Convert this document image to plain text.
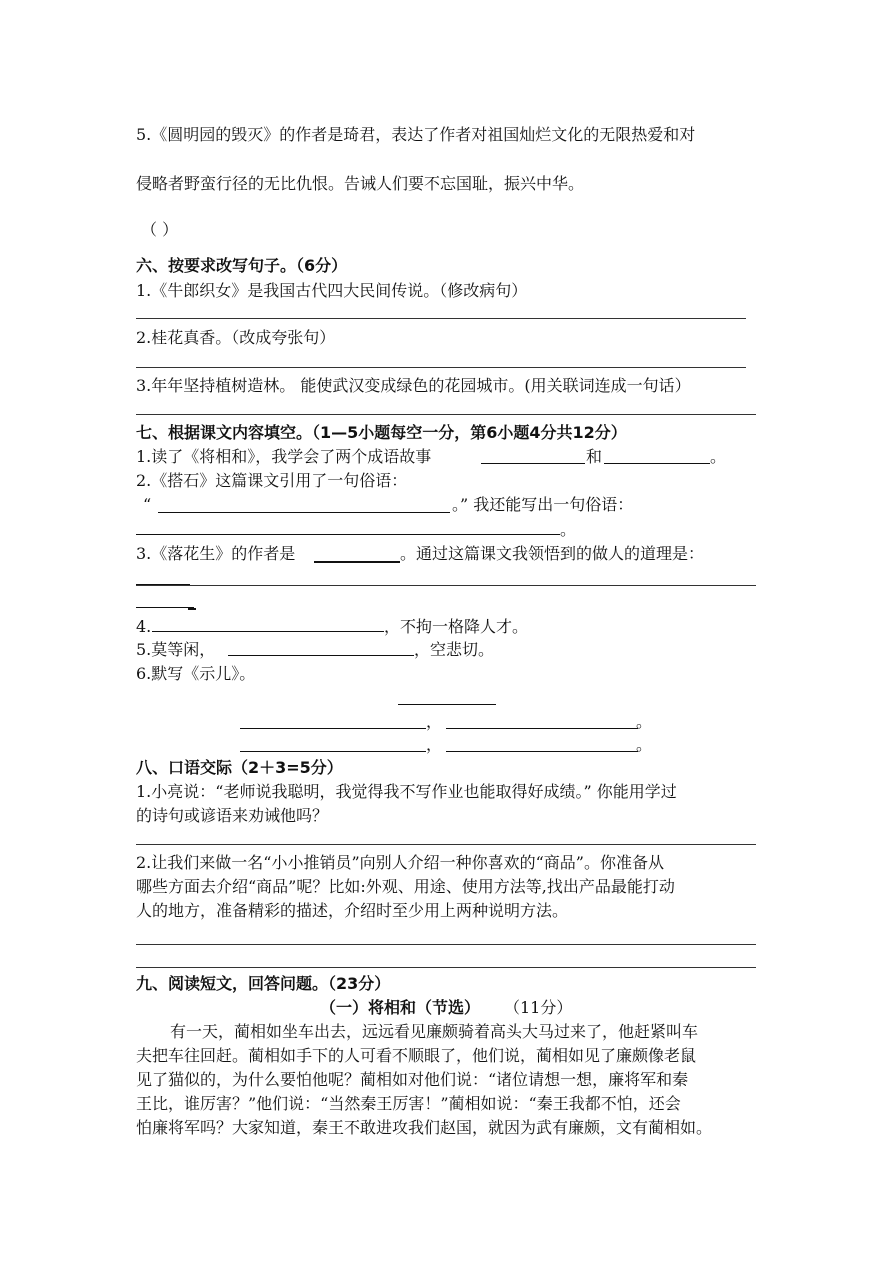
5.《圆明园的毁灭》的作者是琦君，表达了作者对祖国灿烂文化的无限热爱和对
侵略者野蛮行径的无比仇恨。告诫人们要不忘国耻，振兴中华。
（ ）
六、按要求改写句子。（6分）
1.《牛郎织女》是我国古代四大民间传说。（修改病句）
2.桂花真香。（改成夸张句）
3.年年坚持植树造林。 能使武汉变成绿色的花园城市。(用关联词连成一句话）
七、根据课文内容填空。（1—5小题每空一分，第6小题4分共12分）
1.读了《将相和》，我学会了两个成语故事	和	。
2.《搭石》这篇课文引用了一句俗语：
“	。” 我还能写出一句俗语：
。
3.《落花生》的作者是	。通过这篇课文我领悟到的做人的道理是：
4.	，不拘一格降人才。
5.莫等闲，	，空悲切。
6.默写《示儿》。
，	。
，	。
八、口语交际（2＋3=5分）
1.小亮说：“老师说我聪明，我觉得我不写作业也能取得好成绩。” 你能用学过
的诗句或谚语来劝诫他吗？
2.让我们来做一名“小小推销员”向别人介绍一种你喜欢的“商品”。你准备从
哪些方面去介绍“商品”呢？比如:外观、用途、使用方法等,找出产品最能打动
人的地方，准备精彩的描述，介绍时至少用上两种说明方法。
九、阅读短文，回答问题。（23分）
（一）将相和（节选） （11分）
有一天，蔺相如坐车出去，远远看见廉颇骑着高头大马过来了，他赶紧叫车
夫把车往回赶。蔺相如手下的人可看不顺眼了，他们说，蔺相如见了廉颇像老鼠
见了猫似的，为什么要怕他呢？蔺相如对他们说：“诸位请想一想，廉将军和秦
王比，谁厉害？”他们说：“当然秦王厉害！”蔺相如说：“秦王我都不怕，还会
怕廉将军吗？大家知道，秦王不敢进攻我们赵国，就因为武有廉颇，文有蔺相如。
